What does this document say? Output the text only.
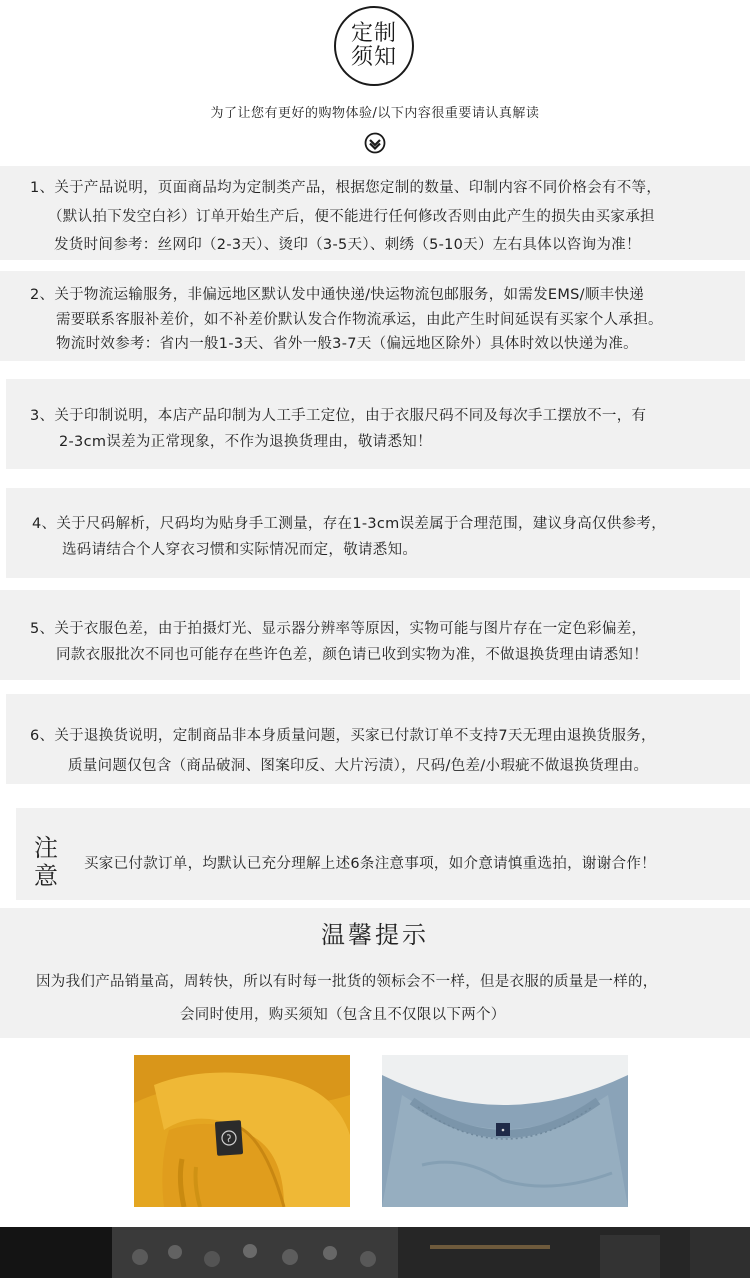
定制
须知
为了让您有更好的购物体验/以下内容很重要请认真解读
1、关于产品说明，页面商品均为定制类产品，根据您定制的数量、印制内容不同价格会有不等，
（默认拍下发空白衫）订单开始生产后，便不能进行任何修改否则由此产生的损失由买家承担
发货时间参考：丝网印（2-3天）、烫印（3-5天）、刺绣（5-10天）左右具体以咨询为准！
2、关于物流运输服务，非偏远地区默认发中通快递/快运物流包邮服务，如需发EMS/顺丰快递
需要联系客服补差价，如不补差价默认发合作物流承运，由此产生时间延误有买家个人承担。
物流时效参考：省内一般1-3天、省外一般3-7天（偏远地区除外）具体时效以快递为准。
3、关于印制说明，本店产品印制为人工手工定位，由于衣服尺码不同及每次手工摆放不一，有
2-3cm误差为正常现象，不作为退换货理由，敬请悉知！
4、关于尺码解析，尺码均为贴身手工测量，存在1-3cm误差属于合理范围，建议身高仅供参考，
选码请结合个人穿衣习惯和实际情况而定，敬请悉知。
5、关于衣服色差，由于拍摄灯光、显示器分辨率等原因，实物可能与图片存在一定色彩偏差，
同款衣服批次不同也可能存在些许色差，颜色请已收到实物为准，不做退换货理由请悉知！
6、关于退换货说明，定制商品非本身质量问题，买家已付款订单不支持7天无理由退换货服务，
质量问题仅包含（商品破洞、图案印反、大片污渍），尺码/色差/小瑕疵不做退换货理由。
注
意 买家已付款订单，均默认已充分理解上述6条注意事项，如介意请慎重选拍，谢谢合作！
温馨提示
因为我们产品销量高，周转快，所以有时每一批货的领标会不一样，但是衣服的质量是一样的，
会同时使用，购买须知（包含且不仅限以下两个）
